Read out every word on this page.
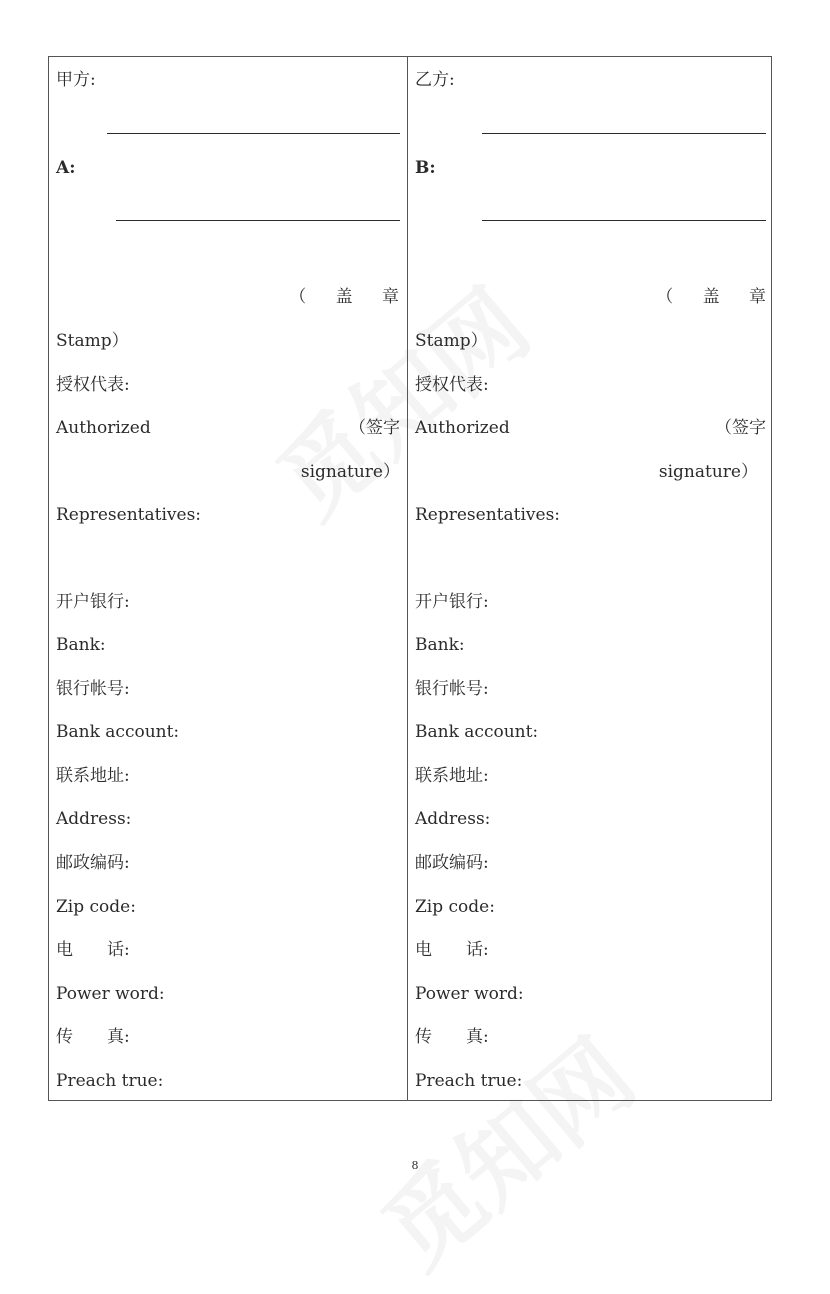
甲方:
A:
（ 盖 章
Stamp）
授权代表:
Authorized	（签字
signature）
Representatives:
开户银行:
Bank:
银行帐号:
Bank account:
联系地址:
Address:
邮政编码:
Zip code:
电　　话:
Power word:
传　　真:
Preach true:
乙方:
B:
（ 盖 章
Stamp）
授权代表:
Authorized	（签字
signature）
Representatives:
开户银行:
Bank:
银行帐号:
Bank account:
联系地址:
Address:
邮政编码:
Zip code:
电　　话:
Power word:
传　　真:
Preach true:
8
